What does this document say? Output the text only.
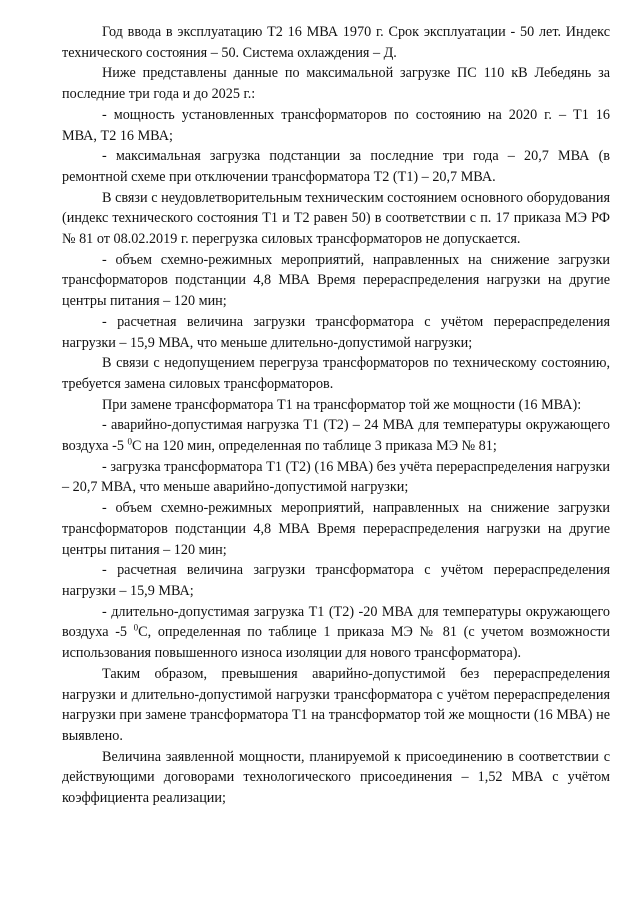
Год ввода в эксплуатацию Т2 16 МВА 1970 г. Срок эксплуатации - 50 лет. Индекс технического состояния – 50. Система охлаждения – Д.

Ниже представлены данные по максимальной загрузке ПС 110 кВ Лебедянь за последние три года и до 2025 г.:

- мощность установленных трансформаторов по состоянию на 2020 г. – Т1 16 МВА, Т2 16 МВА;

- максимальная загрузка подстанции за последние три года – 20,7 МВА (в ремонтной схеме при отключении трансформатора Т2 (Т1) – 20,7 МВА.

В связи с неудовлетворительным техническим состоянием основного оборудования (индекс технического состояния Т1 и Т2 равен 50) в соответствии с п. 17 приказа МЭ РФ № 81 от 08.02.2019 г. перегрузка силовых трансформаторов не допускается.

- объем схемно-режимных мероприятий, направленных на снижение загрузки трансформаторов подстанции 4,8 МВА Время перераспределения нагрузки на другие центры питания – 120 мин;

- расчетная величина загрузки трансформатора с учётом перераспределения нагрузки – 15,9 МВА, что меньше длительно-допустимой нагрузки;

В связи с недопущением перегруза трансформаторов по техническому состоянию, требуется замена силовых трансформаторов.

При замене трансформатора Т1 на трансформатор той же мощности (16 МВА):

- аварийно-допустимая нагрузка Т1 (Т2) – 24 МВА для температуры окружающего воздуха -5 $^0$С на 120 мин, определенная по таблице 3 приказа МЭ № 81;

- загрузка трансформатора Т1 (Т2) (16 МВА) без учёта перераспределения нагрузки – 20,7 МВА, что меньше аварийно-допустимой нагрузки;

- объем схемно-режимных мероприятий, направленных на снижение загрузки трансформаторов подстанции 4,8 МВА Время перераспределения нагрузки на другие центры питания – 120 мин;

- расчетная величина загрузки трансформатора с учётом перераспределения нагрузки – 15,9 МВА;

- длительно-допустимая загрузка Т1 (Т2) -20 МВА для температуры окружающего воздуха -5 $^0$С, определенная по таблице 1 приказа МЭ № 81 (с учетом возможности использования повышенного износа изоляции для нового трансформатора).

Таким образом, превышения аварийно-допустимой без перераспределения нагрузки и длительно-допустимой нагрузки трансформатора с учётом перераспределения нагрузки при замене трансформатора Т1 на трансформатор той же мощности (16 МВА) не выявлено.

Величина заявленной мощности, планируемой к присоединению в соответствии с действующими договорами технологического присоединения – 1,52 МВА с учётом коэффициента реализации;
